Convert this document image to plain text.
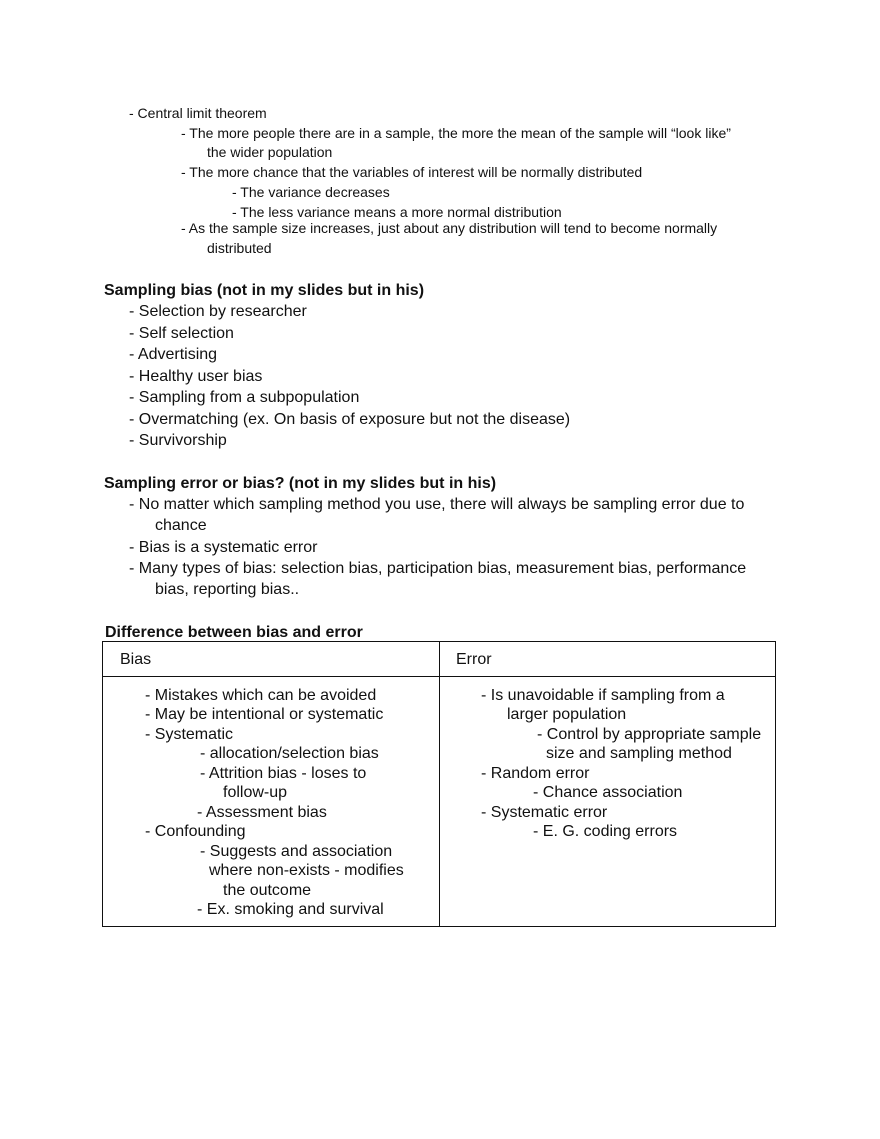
- Central limit theorem
- The more people there are in a sample, the more the mean of the sample will “look like”
the wider population
- The more chance that the variables of interest will be normally distributed
- The variance decreases
- The less variance means a more normal distribution
- As the sample size increases, just about any distribution will tend to become normally
distributed
Sampling bias (not in my slides but in his)
- Selection by researcher
- Self selection
- Advertising
- Healthy user bias
- Sampling from a subpopulation
- Overmatching (ex. On basis of exposure but not the disease)
- Survivorship
Sampling error or bias? (not in my slides but in his)
- No matter which sampling method you use, there will always be sampling error due to
chance
- Bias is a systematic error
- Many types of bias: selection bias, participation bias, measurement bias, performance
bias, reporting bias..
Difference between bias and error
Bias	Error
- Mistakes which can be avoided
- May be intentional or systematic
- Systematic
- allocation/selection bias
- Attrition bias - loses to
follow-up
- Assessment bias
- Confounding
- Suggests and association
where non-exists - modifies
the outcome
- Ex. smoking and survival
- Is unavoidable if sampling from a
larger population
- Control by appropriate sample
size and sampling method
- Random error
- Chance association
- Systematic error
- E. G. coding errors
